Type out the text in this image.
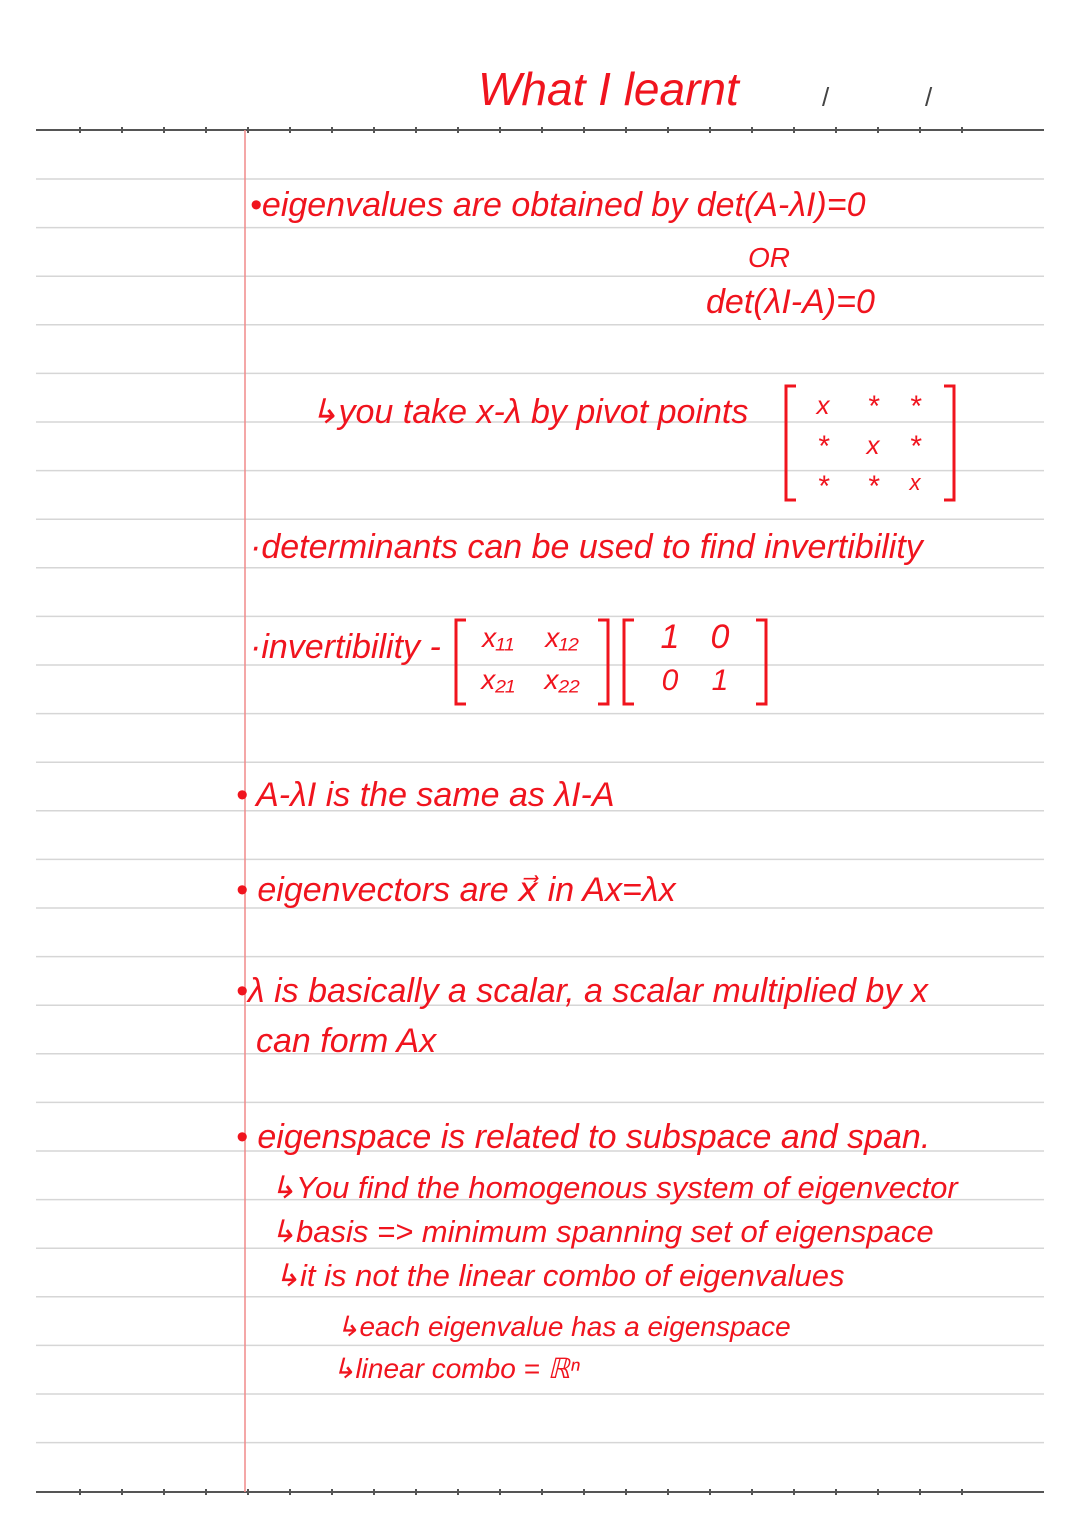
/	/
What I learnt
•eigenvalues are obtained by det(A-λI)=0
OR
det(λI-A)=0
↳you take x-λ by pivot points	x	*	*
*	x *
*	*	x
·determinants can be used to find invertibility
·invertibility -	x₁₁	x₁₂
x₂₁	x₂₂
1 0
0	1
• A-λI is the same as λI-A
• eigenvectors are x⃗ in Ax=λx
•λ is basically a scalar, a scalar multiplied by x
can form Ax
• eigenspace is related to subspace and span.
↳You find the homogenous system of eigenvector
↳basis => minimum spanning set of eigenspace
↳it is not the linear combo of eigenvalues
↳each eigenvalue has a eigenspace
↳linear combo = ℝⁿ
